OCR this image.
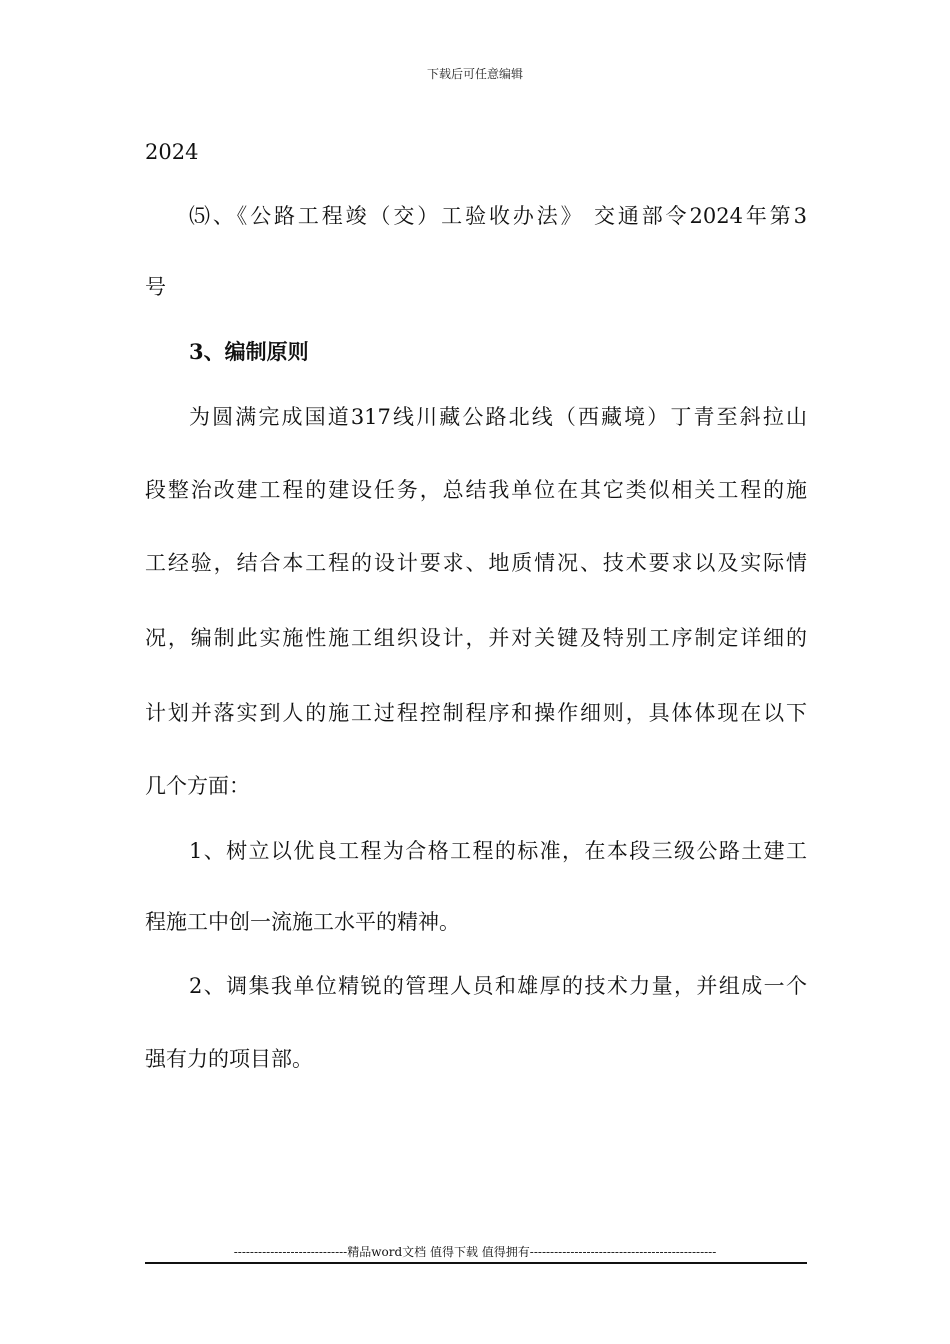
下载后可任意编辑
2024
⑸、《公路工程竣（交）工验收办法》 交通部令2024年第3
号
3、编制原则
为圆满完成国道317线川藏公路北线（西藏境）丁青至斜拉山
段整治改建工程的建设任务，总结我单位在其它类似相关工程的施
工经验，结合本工程的设计要求、地质情况、技术要求以及实际情
况，编制此实施性施工组织设计，并对关键及特别工序制定详细的
计划并落实到人的施工过程控制程序和操作细则，具体体现在以下
几个方面：
1、树立以优良工程为合格工程的标准，在本段三级公路土建工
程施工中创一流施工水平的精神。
2、调集我单位精锐的管理人员和雄厚的技术力量，并组成一个
强有力的项目部。
----------------------------精品word文档 值得下载 值得拥有----------------------------------------------
